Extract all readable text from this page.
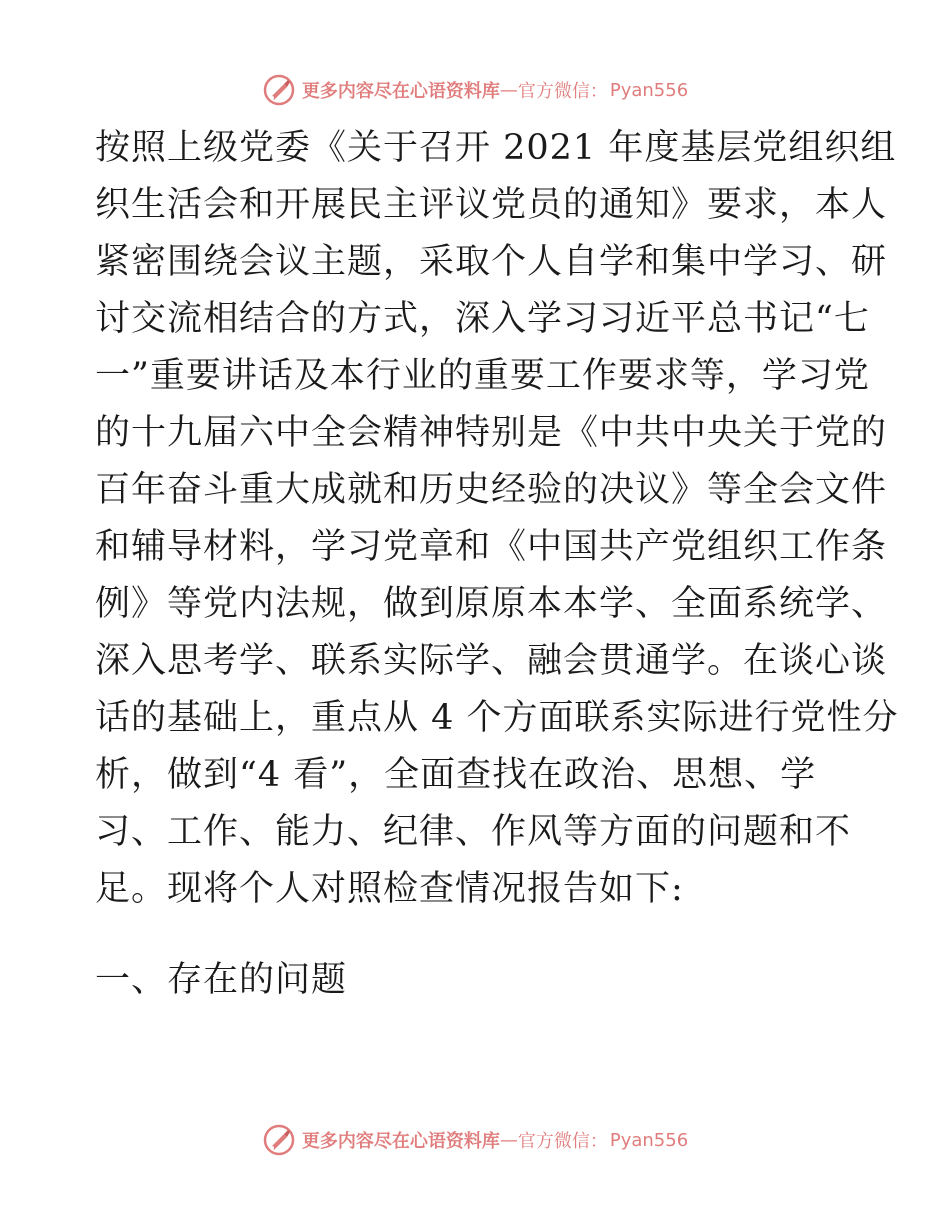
更多内容尽在心语资料库 — 官方微信： Pyan556
按照上级党委《关于召开 2021 年度基层党组织组
织生活会和开展民主评议党员的通知》要求，本人
紧密围绕会议主题，采取个人自学和集中学习、研
讨交流相结合的方式，深入学习习近平总书记“七
一”重要讲话及本行业的重要工作要求等，学习党
的十九届六中全会精神特别是《中共中央关于党的
百年奋斗重大成就和历史经验的决议》等全会文件
和辅导材料，学习党章和《中国共产党组织工作条
例》等党内法规，做到原原本本学、全面系统学、
深入思考学、联系实际学、融会贯通学。在谈心谈
话的基础上，重点从 4 个方面联系实际进行党性分
析，做到“4 看”，全面查找在政治、思想、学
习、工作、能力、纪律、作风等方面的问题和不
足。现将个人对照检查情况报告如下:
一、存在的问题
更多内容尽在心语资料库 — 官方微信： Pyan556
